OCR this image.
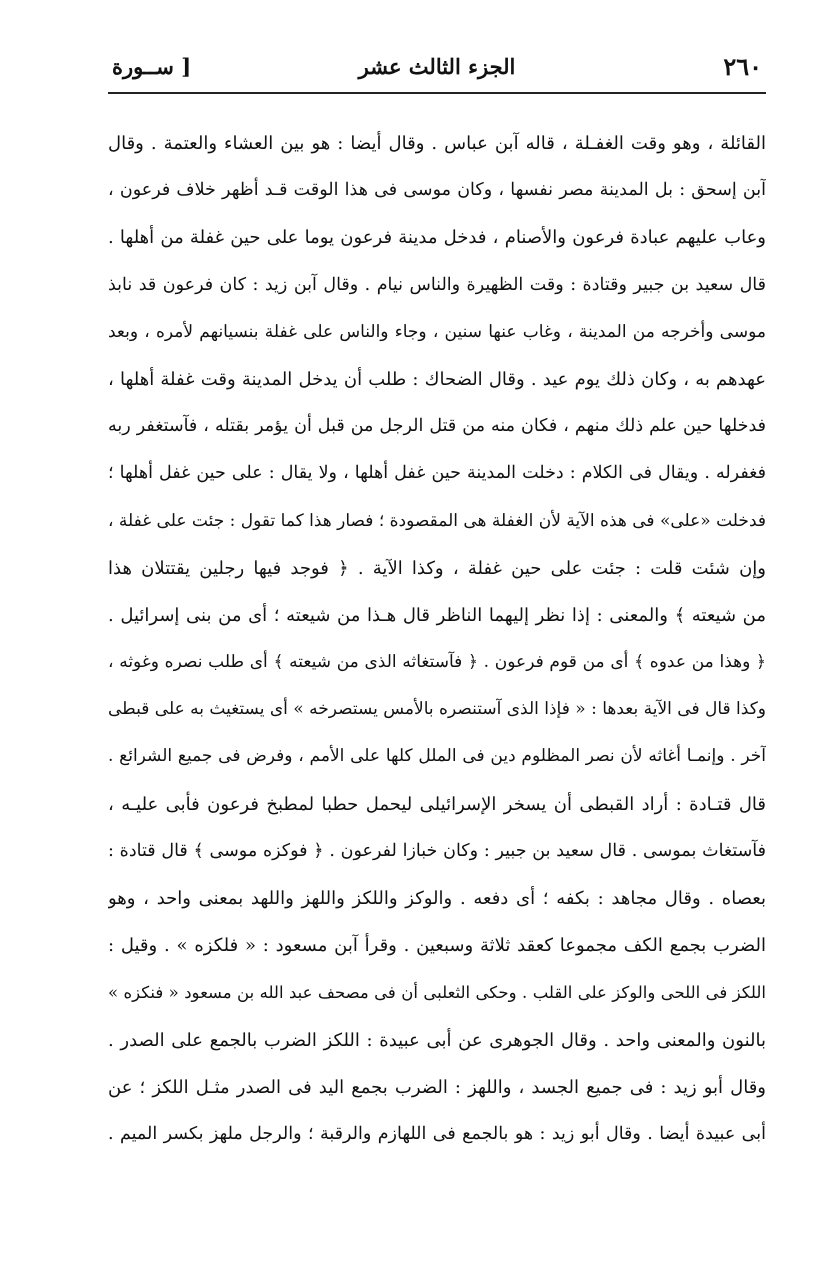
٢٦٠
الجزء الثالث عشر
[ ســورة
القائلة ، وهو وقت الغفـلة ، قاله آبن عباس . وقال أيضا : هو بين العشاء والعتمة . وقال
آبن إسحق : بل المدينة مصر نفسها ، وكان موسى فى هذا الوقت قـد أظهر خلاف فرعون ،
وعاب عليهم عبادة فرعون والأصنام ، فدخل مدينة فرعون يوما على حين غفلة من أهلها .
قال سعيد بن جبير وقتادة : وقت الظهيرة والناس نيام . وقال آبن زيد : كان فرعون قد نابذ
موسى وأخرجه من المدينة ، وغاب عنها سنين ، وجاء والناس على غفلة بنسيانهم لأمره ، وبعد
عهدهم به ، وكان ذلك يوم عيد . وقال الضحاك : طلب أن يدخل المدينة وقت غفلة أهلها ،
فدخلها حين علم ذلك منهم ، فكان منه من قتل الرجل من قبل أن يؤمر بقتله ، فآستغفر ربه
فغفرله . ويقال فى الكلام : دخلت المدينة حين غفل أهلها ، ولا يقال : على حين غفل أهلها ؛
فدخلت «على» فى هذه الآية لأن الغفلة هى المقصودة ؛ فصار هذا كما تقول : جئت على غفلة ،
وإن شئت قلت : جئت على حين غفلة ، وكذا الآية . ﴿ فوجد فيها رجلين يقتتلان هذا
من شيعته ﴾ والمعنى : إذا نظر إليهما الناظر قال هـذا من شيعته ؛ أى من بنى إسرائيل .
﴿ وهذا من عدوه ﴾ أى من قوم فرعون . ﴿ فآستغاثه الذى من شيعته ﴾ أى طلب نصره وغوثه ،
وكذا قال فى الآية بعدها : « فإذا الذى آستنصره بالأمس يستصرخه » أى يستغيث به على قبطى
آخر . وإنمـا أغاثه لأن نصر المظلوم دين فى الملل كلها على الأمم ، وفرض فى جميع الشرائع .
قال قتـادة : أراد القبطى أن يسخر الإسرائيلى ليحمل حطبا لمطبخ فرعون فأبى عليـه ،
فآستغاث بموسى . قال سعيد بن جبير : وكان خبازا لفرعون . ﴿ فوكزه موسى ﴾ قال قتادة :
بعصاه . وقال مجاهد : بكفه ؛ أى دفعه . والوكز واللكز واللهز واللهد بمعنى واحد ، وهو
الضرب بجمع الكف مجموعا كعقد ثلاثة وسبعين . وقرأ آبن مسعود : « فلكزه » . وقيل :
اللكز فى اللحى والوكز على القلب . وحكى الثعلبى أن فى مصحف عبد الله بن مسعود « فنكزه »
بالنون والمعنى واحد . وقال الجوهرى عن أبى عبيدة : اللكز الضرب بالجمع على الصدر .
وقال أبو زيد : فى جميع الجسد ، واللهز : الضرب بجمع اليد فى الصدر مثـل اللكز ؛ عن
أبى عبيدة أيضا . وقال أبو زيد : هو بالجمع فى اللهازم والرقبة ؛ والرجل ملهز بكسر الميم .
